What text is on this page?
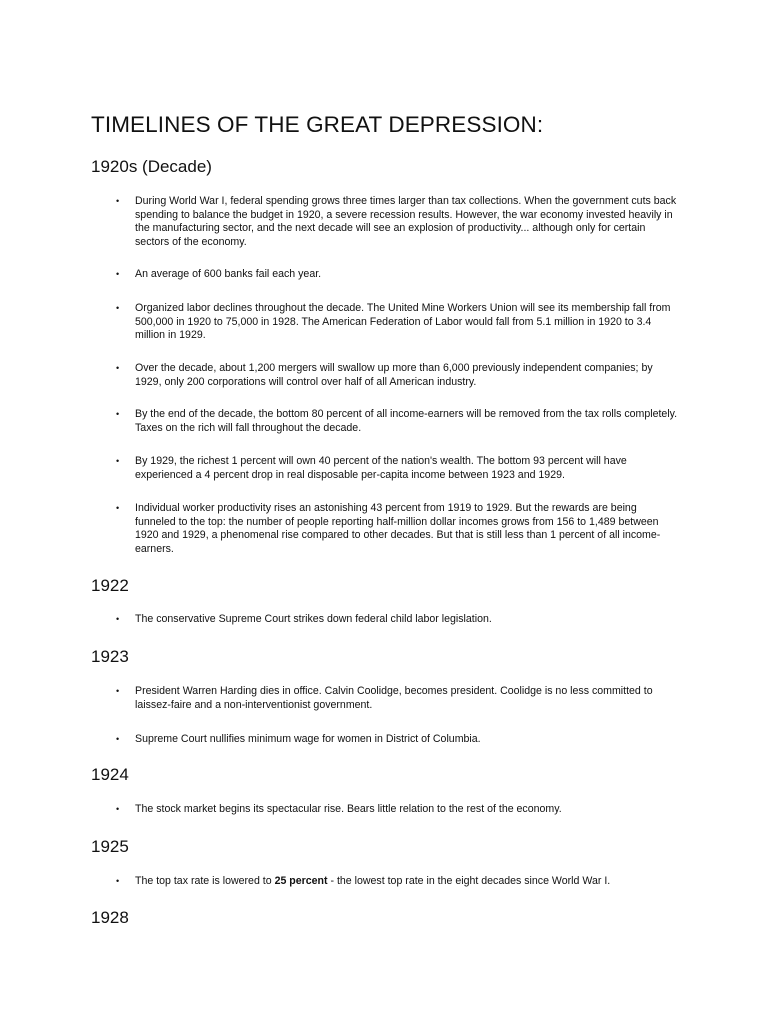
TIMELINES OF THE GREAT DEPRESSION:
1920s (Decade)

• During World War I, federal spending grows three times larger than tax collections. When the government cuts back spending to balance the budget in 1920, a severe recession results. However, the war economy invested heavily in the manufacturing sector, and the next decade will see an explosion of productivity... although only for certain sectors of the economy.

• An average of 600 banks fail each year.

• Organized labor declines throughout the decade. The United Mine Workers Union will see its membership fall from 500,000 in 1920 to 75,000 in 1928. The American Federation of Labor would fall from 5.1 million in 1920 to 3.4 million in 1929.

• Over the decade, about 1,200 mergers will swallow up more than 6,000 previously independent companies; by 1929, only 200 corporations will control over half of all American industry.

• By the end of the decade, the bottom 80 percent of all income-earners will be removed from the tax rolls completely. Taxes on the rich will fall throughout the decade.

• By 1929, the richest 1 percent will own 40 percent of the nation's wealth. The bottom 93 percent will have experienced a 4 percent drop in real disposable per-capita income between 1923 and 1929.

• Individual worker productivity rises an astonishing 43 percent from 1919 to 1929. But the rewards are being funneled to the top: the number of people reporting half-million dollar incomes grows from 156 to 1,489 between 1920 and 1929, a phenomenal rise compared to other decades. But that is still less than 1 percent of all income-earners.

1922

• The conservative Supreme Court strikes down federal child labor legislation.

1923

• President Warren Harding dies in office. Calvin Coolidge, becomes president. Coolidge is no less committed to laissez-faire and a non-interventionist government.

• Supreme Court nullifies minimum wage for women in District of Columbia.

1924

• The stock market begins its spectacular rise. Bears little relation to the rest of the economy.

1925

• The top tax rate is lowered to 25 percent - the lowest top rate in the eight decades since World War I.

1928
